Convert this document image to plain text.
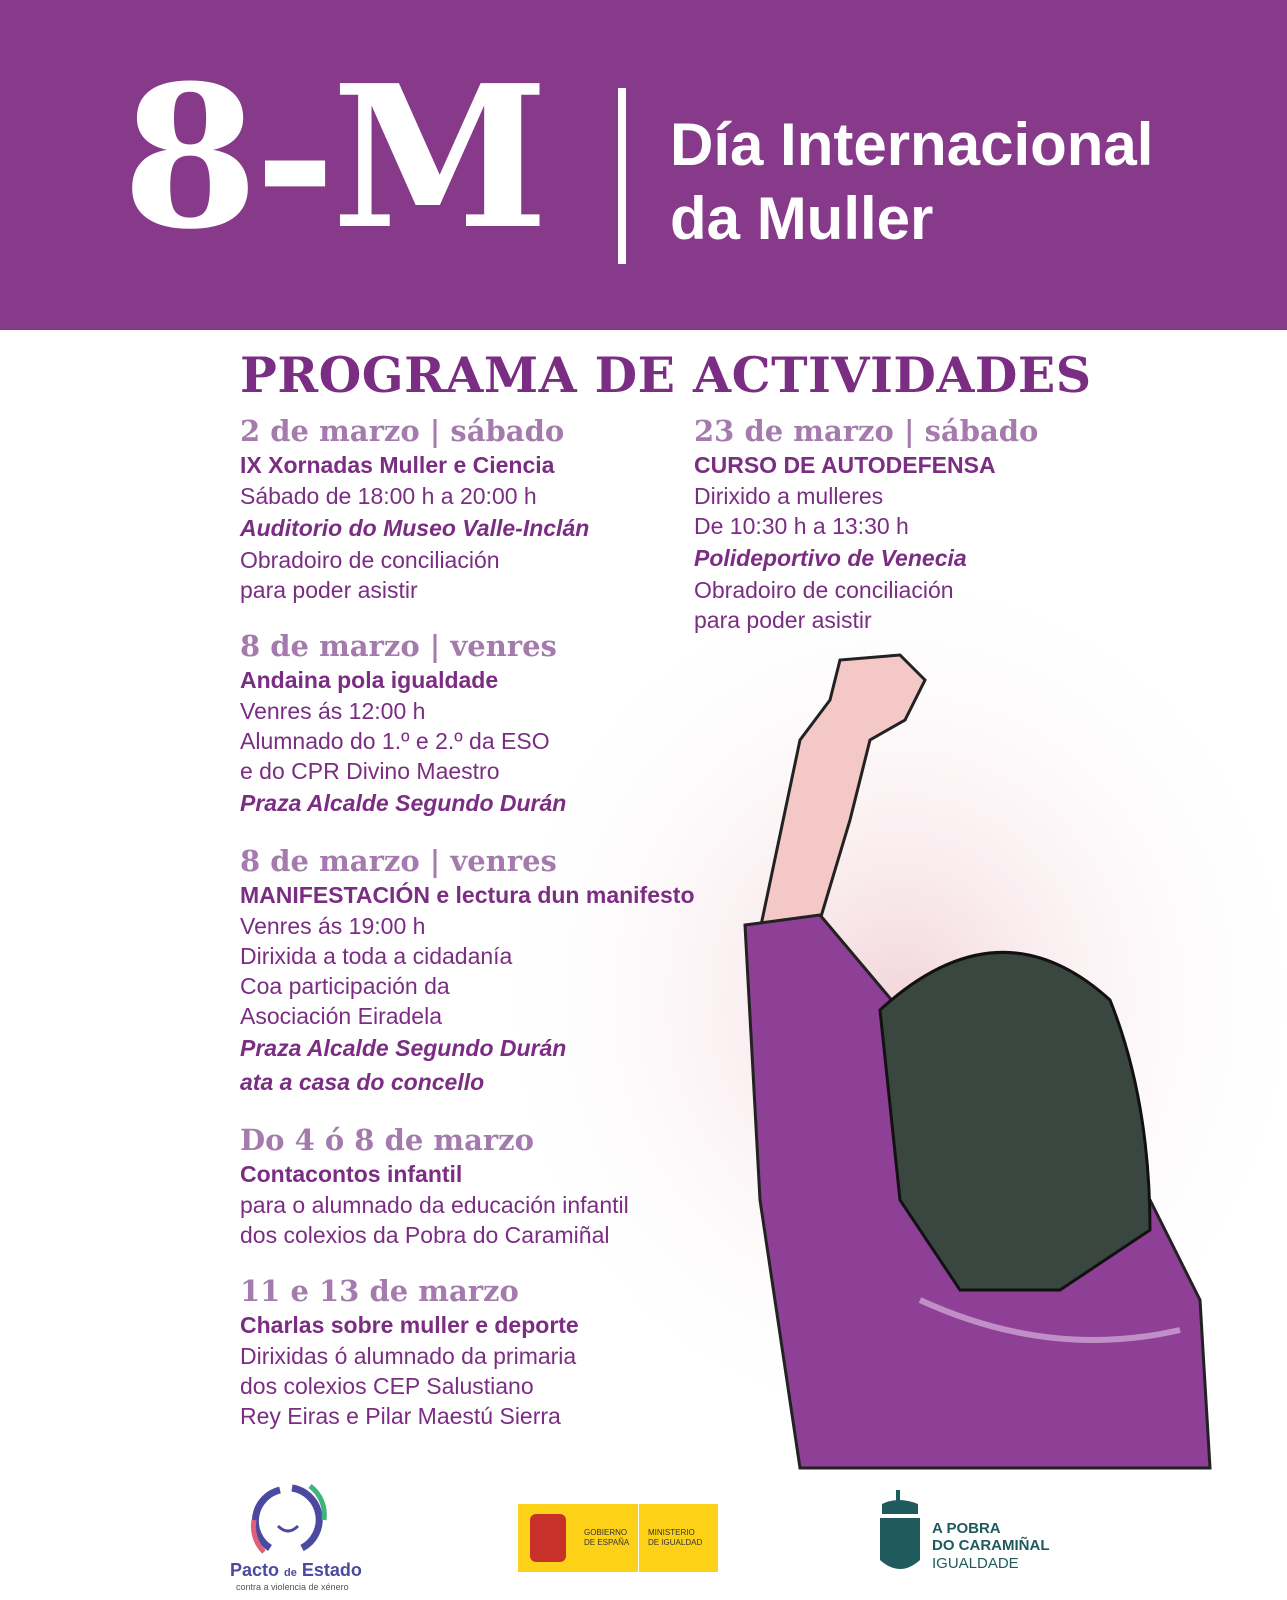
8-M Día Internacional
da Muller
PROGRAMA DE ACTIVIDADES
2 de marzo | sábado
IX Xornadas Muller e Ciencia
Sábado de 18:00 h a 20:00 h
Auditorio do Museo Valle-Inclán
Obradoiro de conciliación
para poder asistir
8 de marzo | venres
Andaina pola igualdade
Venres ás 12:00 h
Alumnado do 1.º e 2.º da ESO
e do CPR Divino Maestro
Praza Alcalde Segundo Durán
8 de marzo | venres
MANIFESTACIÓN e lectura dun manifesto
Venres ás 19:00 h
Dirixida a toda a cidadanía
Coa participación da
Asociación Eiradela
Praza Alcalde Segundo Durán
ata a casa do concello
Do 4 ó 8 de marzo
Contacontos infantil
para o alumnado da educación infantil
dos colexios da Pobra do Caramiñal
11 e 13 de marzo
Charlas sobre muller e deporte
Dirixidas ó alumnado da primaria
dos colexios CEP Salustiano
Rey Eiras e Pilar Maestú Sierra
23 de marzo | sábado
CURSO DE AUTODEFENSA
Dirixido a mulleres
De 10:30 h a 13:30 h
Polideportivo de Venecia
Obradoiro de conciliación
para poder asistir
Pacto de Estado
contra a violencia de xénero
GOBIERNO
DE ESPAÑA
MINISTERIO
DE IGUALDAD
A POBRA
DO CARAMIÑAL
IGUALDADE
